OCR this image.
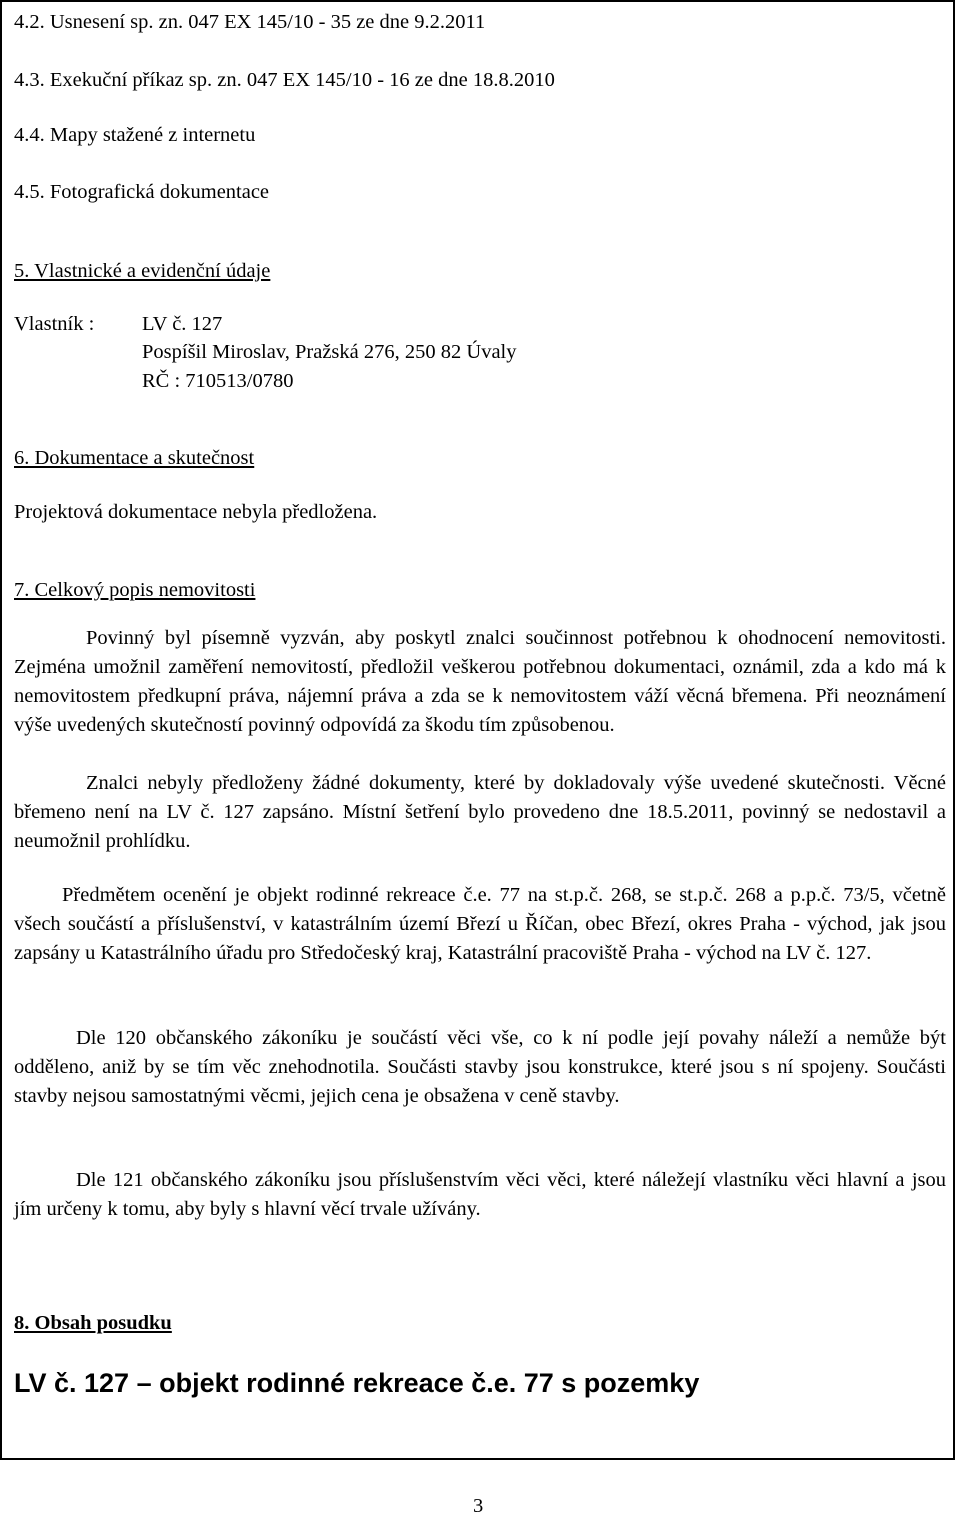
4.2. Usnesení sp. zn. 047 EX 145/10 - 35 ze dne 9.2.2011
4.3. Exekuční příkaz sp. zn. 047 EX 145/10 - 16 ze dne 18.8.2010
4.4. Mapy stažené z internetu
4.5. Fotografická dokumentace
5. Vlastnické a evidenční údaje
Vlastník : LV č. 127
Pospíšil Miroslav, Pražská 276, 250 82 Úvaly
RČ : 710513/0780
6. Dokumentace a skutečnost
Projektová dokumentace nebyla předložena.
7. Celkový popis nemovitosti

Povinný byl písemně vyzván, aby poskytl znalci součinnost potřebnou k ohodnocení nemovitosti. Zejména umožnil zaměření nemovitostí, předložil veškerou potřebnou dokumentaci, oznámil, zda a kdo má k nemovitostem předkupní práva, nájemní práva a zda se k nemovitostem váží věcná břemena. Při neoznámení výše uvedených skutečností povinný odpovídá za škodu tím způsobenou.

Znalci nebyly předloženy žádné dokumenty, které by dokladovaly výše uvedené skutečnosti. Věcné břemeno není na LV č. 127 zapsáno. Místní šetření bylo provedeno dne 18.5.2011, povinný se nedostavil a neumožnil prohlídku.

Předmětem ocenění je objekt rodinné rekreace č.e. 77 na st.p.č. 268, se st.p.č. 268 a p.p.č. 73/5, včetně všech součástí a příslušenství, v katastrálním území Březí u Říčan, obec Březí, okres Praha - východ, jak jsou zapsány u Katastrálního úřadu pro Středočeský kraj, Katastrální pracoviště Praha - východ na LV č. 127.

Dle 120 občanského zákoníku je součástí věci vše, co k ní podle její povahy náleží a nemůže být odděleno, aniž by se tím věc znehodnotila. Součásti stavby jsou konstrukce, které jsou s ní spojeny. Součásti stavby nejsou samostatnými věcmi, jejich cena je obsažena v ceně stavby.

Dle 121 občanského zákoníku jsou příslušenstvím věci věci, které náležejí vlastníku věci hlavní a jsou jím určeny k tomu, aby byly s hlavní věcí trvale užívány.

8. Obsah posudku
LV č. 127 – objekt rodinné rekreace č.e. 77 s pozemky
3
